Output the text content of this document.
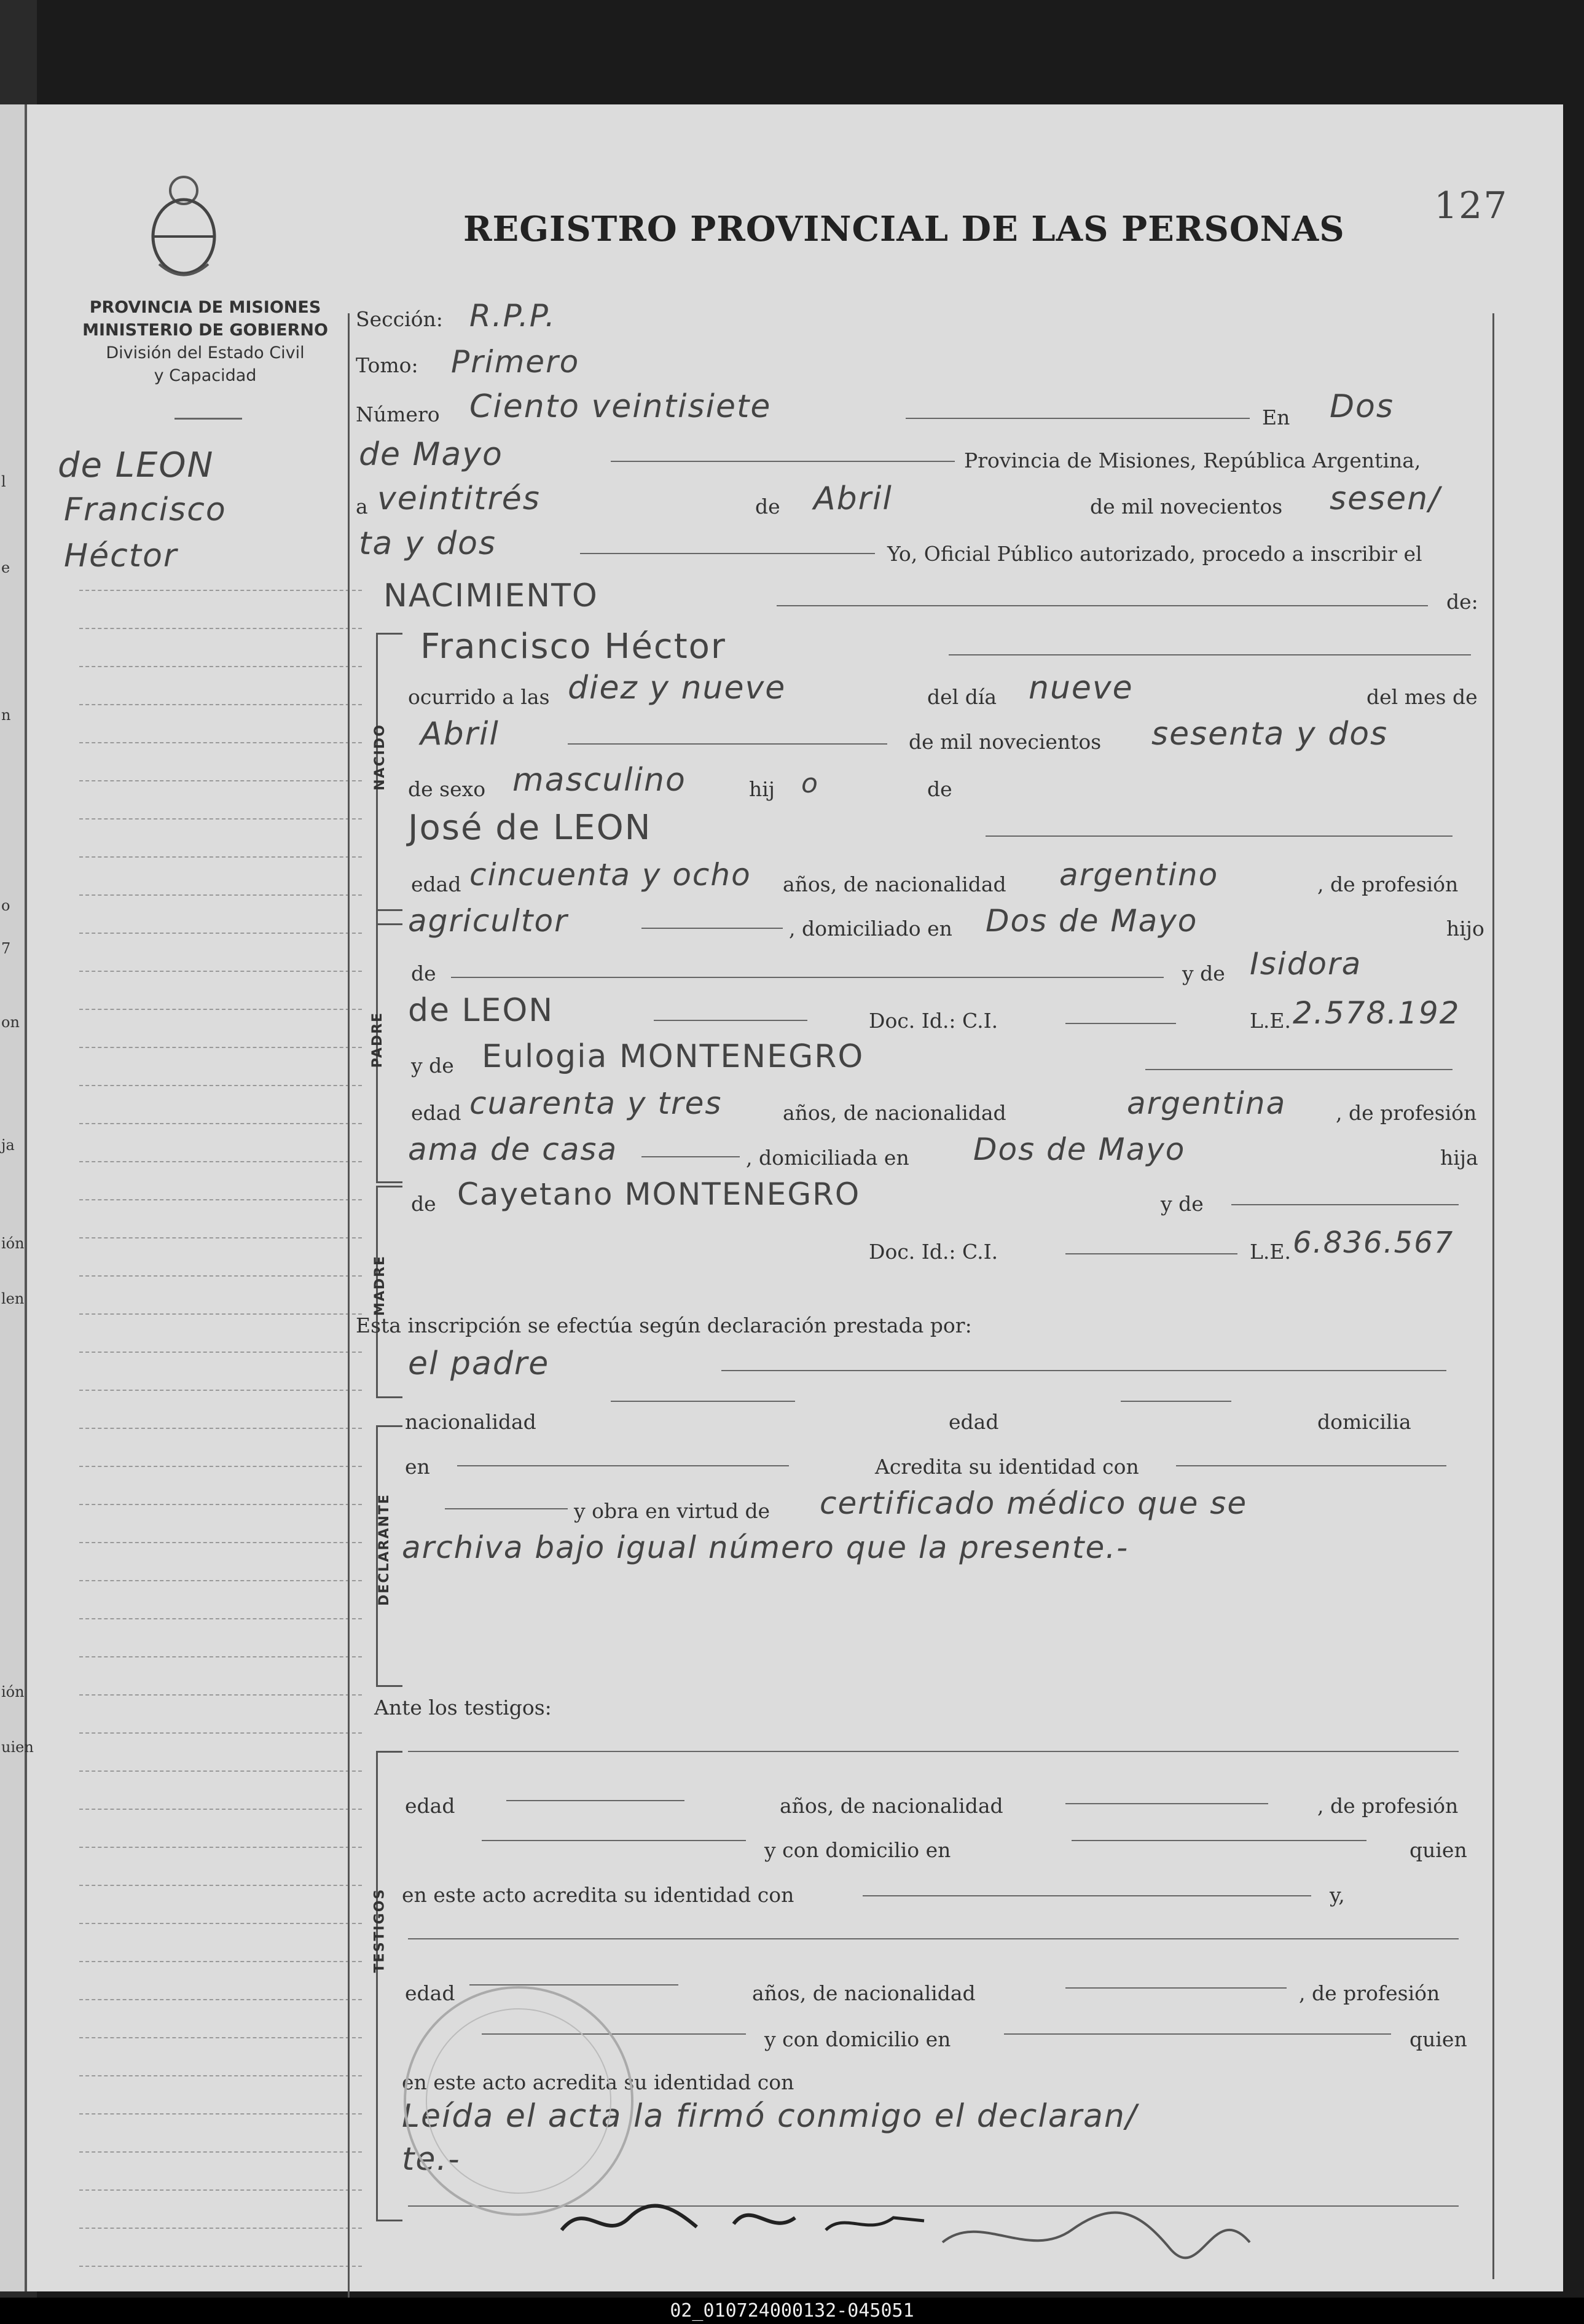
REGISTRO PROVINCIAL DE LAS PERSONAS
127
PROVINCIA DE MISIONES
MINISTERIO DE GOBIERNO
División del Estado Civil
y Capacidad
de LEON
Francisco
Héctor
NACIDO
PADRE
MADRE
DECLARANTE
TESTIGOS
Sección: R.P.P.
Tomo: Primero
Número Ciento veintisiete	En Dos
de Mayo	Provincia de Misiones, República Argentina,
a veintitrés	de Abril	de mil novecientos sesen/
ta y dos	Yo, Oficial Público autorizado, procedo a inscribir el
NACIMIENTO	de:
Francisco Héctor
ocurrido a las diez y nueve	del día nueve	del mes de
Abril	de mil novecientos sesenta y dos
de sexo masculino	hij o	de
José de LEON
edad cincuenta y ocho años, de nacionalidad argentino	, de profesión
agricultor	, domiciliado en Dos de Mayo	hijo
de	y de Isidora
de LEON	Doc. Id.: C.I.	L.E. 2.578.192
y de Eulogia MONTENEGRO
edad cuarenta y tres	años, de nacionalidad	argentina , de profesión
ama de casa	, domiciliada en Dos de Mayo	hija
de Cayetano MONTENEGRO	y de
Doc. Id.: C.I.	L.E. 6.836.567
Esta inscripción se efectúa según declaración prestada por:
el padre
nacionalidad	edad	domicilia
en	Acredita su identidad con
y obra en virtud de certificado médico que se
archiva bajo igual número que la presente.-
Ante los testigos:
edad	años, de nacionalidad	, de profesión
y con domicilio en	quien
en este acto acredita su identidad con	y,
edad	años, de nacionalidad	, de profesión
y con domicilio en	quien
en este acto acredita su identidad con
Leída el acta la firmó conmigo el declaran/
te.-
l
e
n
o
7
on
ja
ión
len
ión
uien
02_010724000132-045051
